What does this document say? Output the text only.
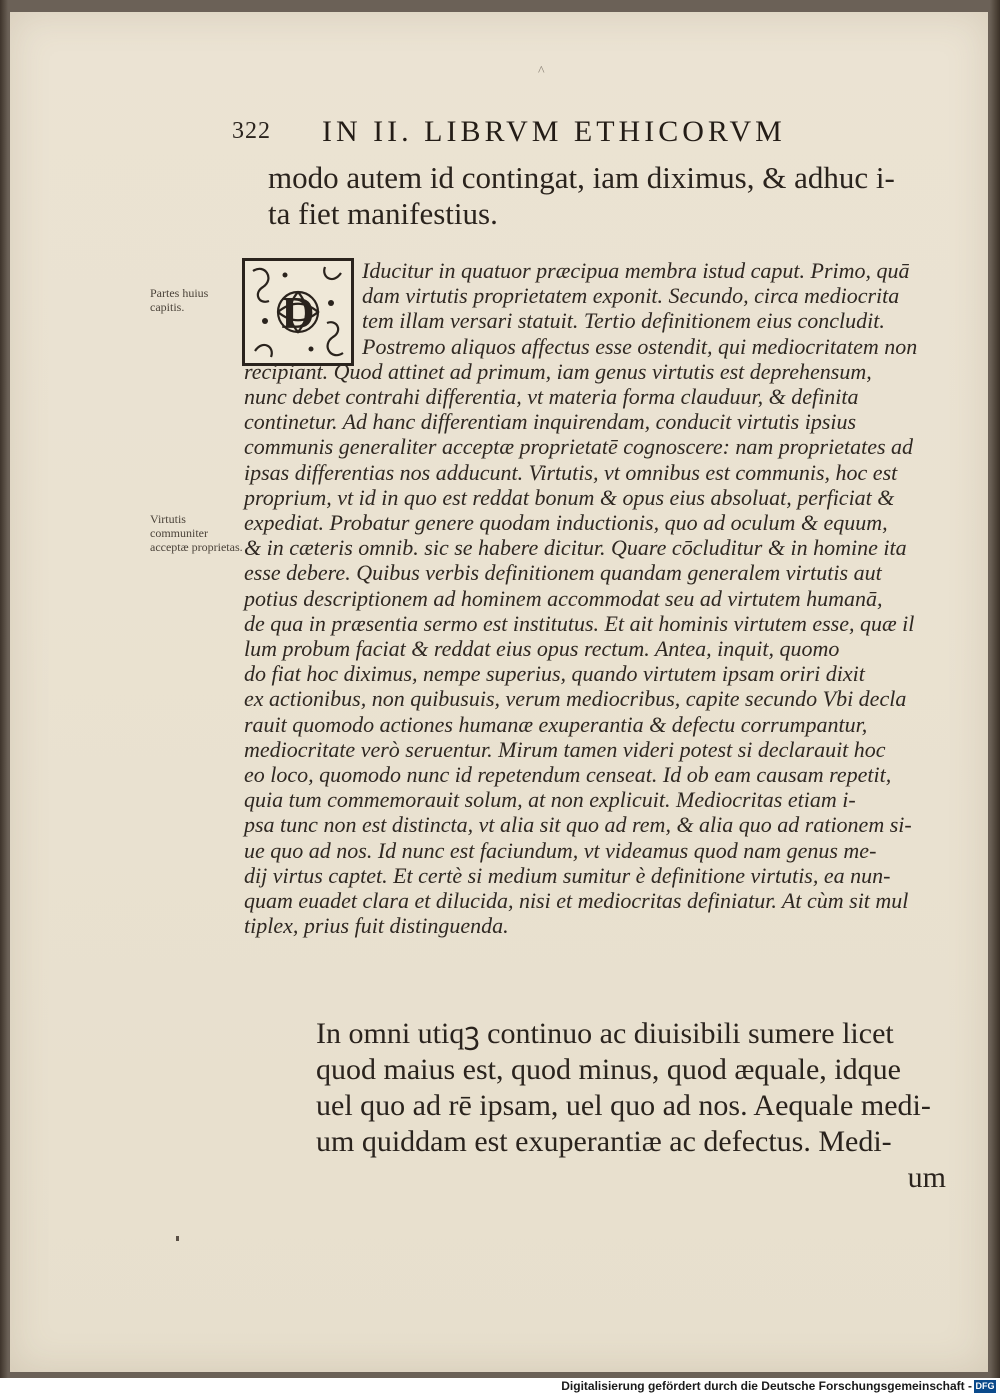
^
322 IN II. LIBRVM ETHICORVM
modo autem id contingat, iam diximus, & adhuc i-
ta fiet manifestius.
Partes huius capitis.
Virtutis communiter acceptæ proprietas.
D
Iducitur in quatuor præcipua membra istud caput. Primo, quā
dam virtutis proprietatem exponit. Secundo, circa mediocrita
tem illam versari statuit. Tertio definitionem eius concludit.
Postremo aliquos affectus esse ostendit, qui mediocritatem non
recipiant. Quod attinet ad primum, iam genus virtutis est deprehensum,
nunc debet contrahi differentia, vt materia forma clauduur, & definita
continetur. Ad hanc differentiam inquirendam, conducit virtutis ipsius
communis generaliter acceptæ proprietatē cognoscere: nam proprietates ad
ipsas differentias nos adducunt. Virtutis, vt omnibus est communis, hoc est
proprium, vt id in quo est reddat bonum & opus eius absoluat, perficiat &
expediat. Probatur genere quodam inductionis, quo ad oculum & equum,
& in cæteris omnib. sic se habere dicitur. Quare cōcluditur & in homine ita
esse debere. Quibus verbis definitionem quandam generalem virtutis aut
potius descriptionem ad hominem accommodat seu ad virtutem humanā,
de qua in præsentia sermo est institutus. Et ait hominis virtutem esse, quæ il
lum probum faciat & reddat eius opus rectum. Antea, inquit, quomo
do fiat hoc diximus, nempe superius, quando virtutem ipsam oriri dixit
ex actionibus, non quibusuis, verum mediocribus, capite secundo Vbi decla
rauit quomodo actiones humanæ exuperantia & defectu corrumpantur,
mediocritate verò seruentur. Mirum tamen videri potest si declarauit hoc
eo loco, quomodo nunc id repetendum censeat. Id ob eam causam repetit,
quia tum commemorauit solum, at non explicuit. Mediocritas etiam i-
psa tunc non est distincta, vt alia sit quo ad rem, & alia quo ad rationem si-
ue quo ad nos. Id nunc est faciundum, vt videamus quod nam genus me-
dij virtus captet. Et certè si medium sumitur è definitione virtutis, ea nun-
quam euadet clara et dilucida, nisi et mediocritas definiatur. At cùm sit mul
tiplex, prius fuit distinguenda.
In omni utiqꝫ continuo ac diuisibili sumere licet
quod maius est, quod minus, quod æquale, idque
uel quo ad rē ipsam, uel quo ad nos. Aequale medi-
um quiddam est exuperantiæ ac defectus. Medi-
um
Digitalisierung gefördert durch die Deutsche Forschungsgemeinschaft - DFG
